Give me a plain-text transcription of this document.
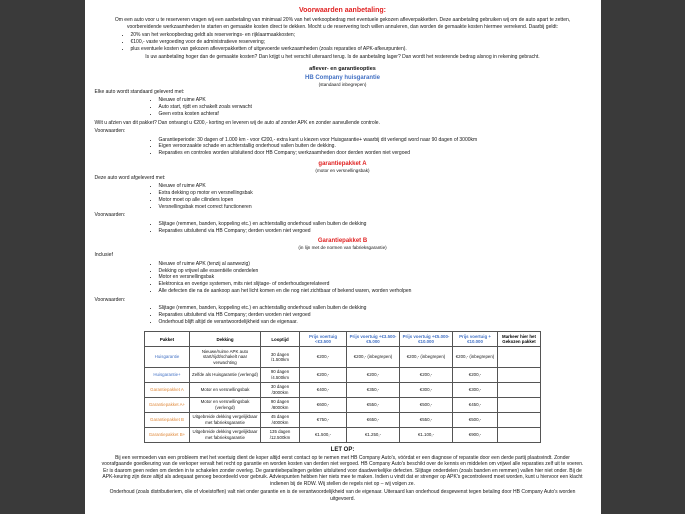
Voorwaarden aanbetaling:
Om een auto voor u te reserveren vragen wij een aanbetaling van minimaal 20% van het verkoopbedrag met eventuele gekozen afleverpakketten. Deze aanbetaling gebruiken wij om de auto apart te zetten, voorbereidende werkzaamheden te starten en gemaakte kosten direct te dekken. Mocht u de reservering toch willen annuleren, dan worden de gemaakte kosten hiermee verrekend. Daarbij geldt:
• 20% van het verkoopbedrag geldt als reserverings- en rijklaarmaakkosten;
• €100,- vaste vergoeding voor de administratieve reservering;
• plus eventuele kosten van gekozen afleverpakketten of uitgevoerde werkzaamheden (zoals reparaties of APK-afkeurpunten).
Is uw aanbetaling hoger dan de gemaakte kosten? Dan krijgt u het verschil uiteraard terug. Is de aanbetaling lager? Dan wordt het resterende bedrag alsnog in rekening gebracht.
aflever- en garantieopties
HB Company huisgarantie
(standaard inbegrepen)
Elke auto wordt standaard geleverd met:
• Nieuwe of ruime APK
• Auto start, rijdt en schakelt zoals verwacht
• Geen extra kosten achteraf
Wilt u afzien van dit pakket? Dan ontvangt u €200,- korting en leveren wij de auto af zonder APK en zonder aanvullende controle.
Voorwaarden:
• Garantieperiode: 30 dagen of 1.000 km - voor €200,- extra kunt u kiezen voor Huisgarantie+ waarbij dit verlengd word naar 90 dagen of 3000km
• Eigen veroorzaakte schade en achterstallig onderhoud vallen buiten de dekking.
• Reparaties en controles worden uitsluitend door HB Company; werkzaamheden door derden worden niet vergoed
garantiepakket A
(motor en versnellingsbak)
Deze auto word afgeleverd met:
• Nieuwe of ruime APK
• Extra dekking op motor en versnellingsbak
• Motor moet op alle cilinders lopen
• Versnellingsbak moet correct functioneren
Voorwaarden:
• Slijtage (remmen, banden, koppeling etc.) en achterstallig onderhoud vallen buiten de dekking
• Reparaties uitsluitend via HB Company; derden worden niet vergoed
Garantiepakket B
(in lijn met de normen van fabrieksgarantie)
Inclusief
• Nieuwe of ruime APK (tenzij al aanwezig)
• Dekking op vrijwel alle essentiële onderdelen
• Motor en versnellingsbak
• Elektronica en overige systemen, mits niet slijtage- of onderhoudsgerelateerd
• Alle defecten die na de aankoop aan het licht komen en die nog niet zichtbaar of bekend waren, worden verholpen
Voorwaarden:
• Slijtage (remmen, banden, koppeling etc.) en achterstallig onderhoud vallen buiten de dekking
• Reparaties uitsluitend via HB Company; derden worden niet vergoed
• Onderhoud blijft altijd de verantwoordelijkheid van de eigenaar.
Pakket	Dekking	Looptijd	Prijs voertuig <€3.500	Prijs voertuig +€3.500-€5.000	Prijs voertuig +€5.000-€10.000	Prijs voertuig +€10.000	Markeer hier het Gekozen pakket
Huisgarantie	Nieuwe/ruime APK auto start/rijdt/schakelt naar verwachting	30 dagen /1.500km	€200,-	€200,- (inbegrepen)	€200,- (inbegrepen)	€200,- (inbegrepen)	
Huisgarantie+	Zelfde als Huisgarantie (verlengd)	90 dagen /4.500km	€200,-	€200,-	€200,-	€200,-	
Garantiepakket A	Motor en versnellingsbak	30 dagen /3000km	€400,-	€350,-	€300,-	€300,-	
Garantiepakket A+	Motor en versnellingsbak (verlengd)	90 dagen /8000km	€600,-	€550,-	€500,-	€450,-	
Garantiepakket B	Uitgebreide dekking vergelijkbaar met fabrieksgarantie	45 dagen /4000km	€750,-	€650,-	€550,-	€500,-	
Garantiepakket B+	Uitgebreide dekking vergelijkbaar met fabrieksgarantie	135 dagen /12.500km	€1.500,-	€1.250,-	€1.100,-	€900,-	
LET OP:
Bij een vermoeden van een probleem met het voertuig dient de koper altijd eerst contact op te nemen met HB Company Auto's, vóórdat er een diagnose of reparatie door een derde partij plaatsvindt. Zonder voorafgaande goedkeuring van de verkoper vervalt het recht op garantie en worden kosten van derden niet vergoed. HB Company Auto's beschikt over de kennis en middelen om vrijwel alle reparaties zelf uit te voeren. Er is daarom geen reden om derden in te schakelen zonder overleg. De garantiebepalingen gelden uitsluitend voor daadwerkelijke defecten. Slijtage onderdelen (zoals banden en remmen) vallen hier niet onder. Bij de APK-keuring zijn deze altijd als adequaat genoeg beoordeeld voor gebruik. Adviespunten hebben hier niets mee te maken. Indien u vindt dat er strenger op APK's gecontroleerd moet worden, kunt u hiervoor een klacht indienen bij de RDW. Wij stellen de regels niet op – wij volgen ze.
Onderhoud (zoals distributieriem, olie of vloeistoffen) valt niet onder garantie en is de verantwoordelijkheid van de eigenaar. Uiteraard kan onderhoud desgewenst tegen betaling door HB Company Auto's worden uitgevoerd.
